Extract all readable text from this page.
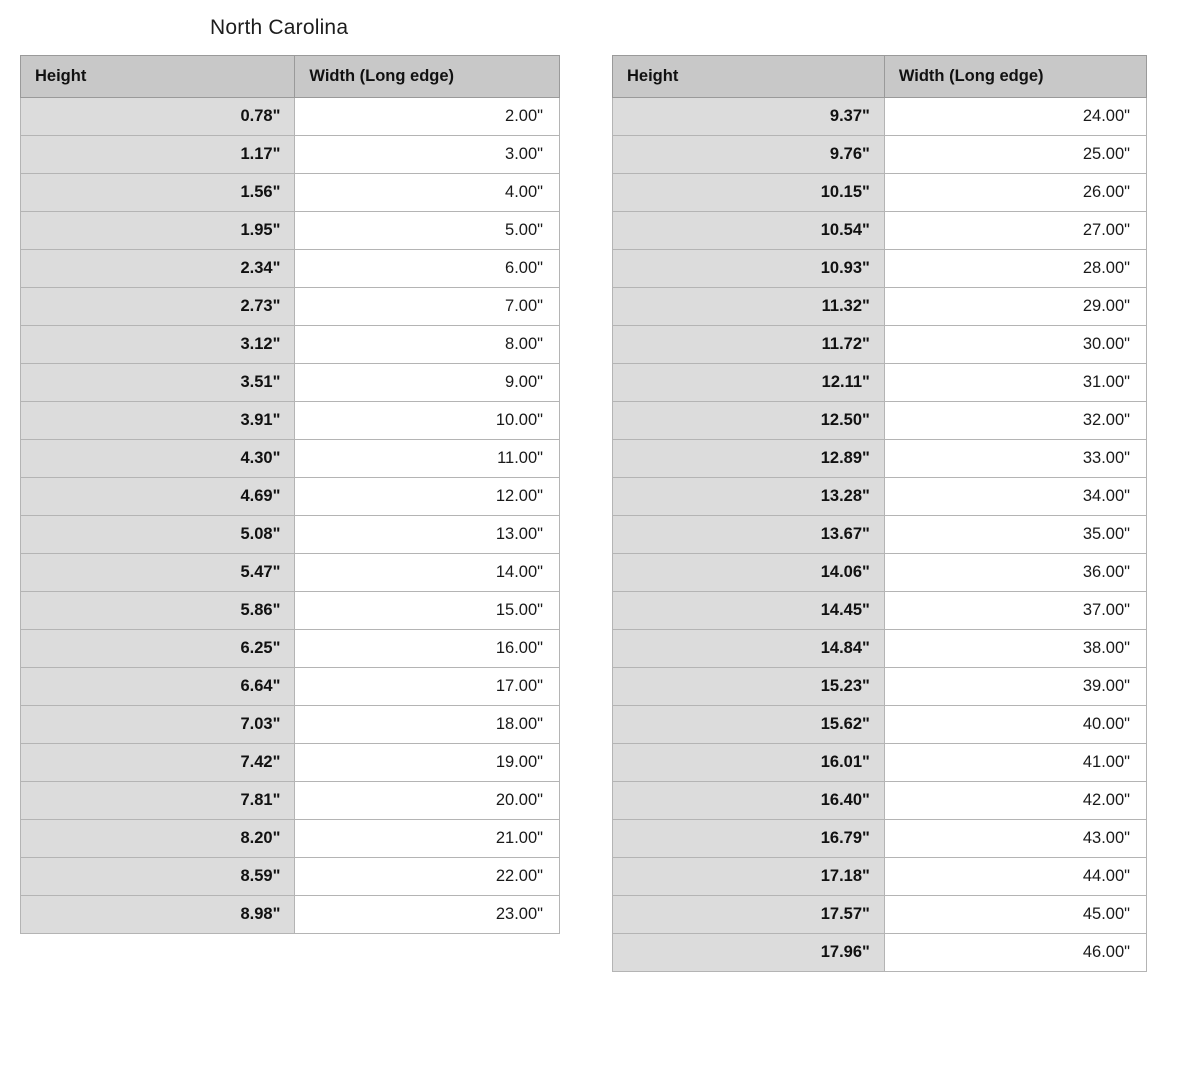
North Carolina
Height	Width (Long edge)
0.78"	2.00"
1.17"	3.00"
1.56"	4.00"
1.95"	5.00"
2.34"	6.00"
2.73"	7.00"
3.12"	8.00"
3.51"	9.00"
3.91"	10.00"
4.30"	11.00"
4.69"	12.00"
5.08"	13.00"
5.47"	14.00"
5.86"	15.00"
6.25"	16.00"
6.64"	17.00"
7.03"	18.00"
7.42"	19.00"
7.81"	20.00"
8.20"	21.00"
8.59"	22.00"
8.98"	23.00"
Height	Width (Long edge)
9.37"	24.00"
9.76"	25.00"
10.15"	26.00"
10.54"	27.00"
10.93"	28.00"
11.32"	29.00"
11.72"	30.00"
12.11"	31.00"
12.50"	32.00"
12.89"	33.00"
13.28"	34.00"
13.67"	35.00"
14.06"	36.00"
14.45"	37.00"
14.84"	38.00"
15.23"	39.00"
15.62"	40.00"
16.01"	41.00"
16.40"	42.00"
16.79"	43.00"
17.18"	44.00"
17.57"	45.00"
17.96"	46.00"
